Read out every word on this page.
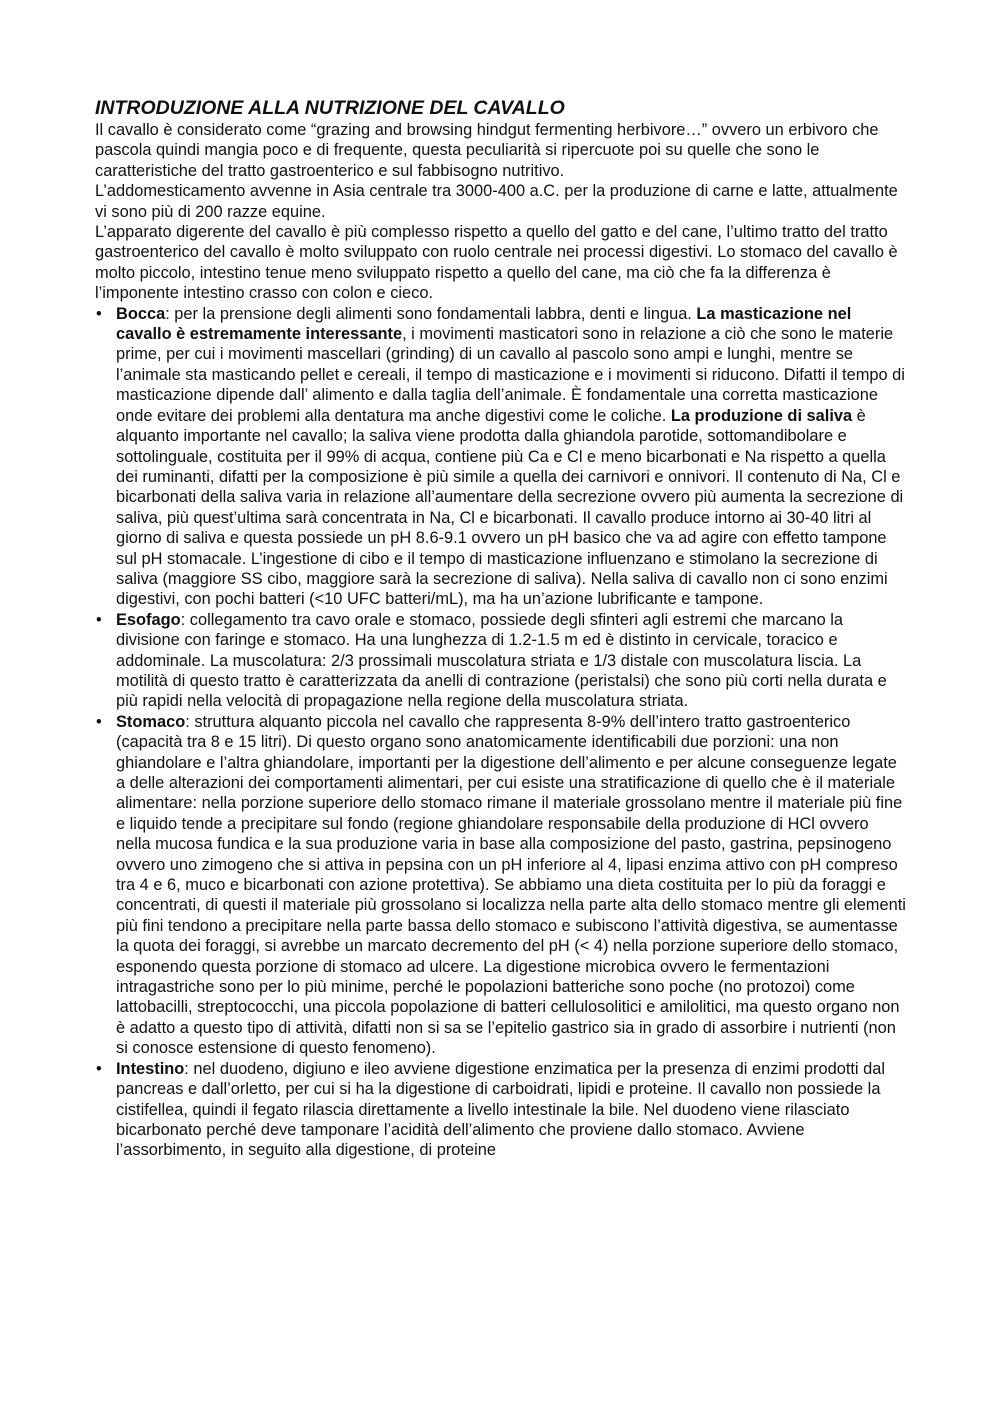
INTRODUZIONE ALLA NUTRIZIONE DEL CAVALLO

Il cavallo è considerato come “grazing and browsing hindgut fermenting herbivore…” ovvero un erbivoro che pascola quindi mangia poco e di frequente, questa peculiarità si ripercuote poi su quelle che sono le caratteristiche del tratto gastroenterico e sul fabbisogno nutritivo.

L’addomesticamento avvenne in Asia centrale tra 3000-400 a.C. per la produzione di carne e latte, attualmente vi sono più di 200 razze equine.

L’apparato digerente del cavallo è più complesso rispetto a quello del gatto e del cane, l’ultimo tratto del tratto gastroenterico del cavallo è molto sviluppato con ruolo centrale nei processi digestivi. Lo stomaco del cavallo è molto piccolo, intestino tenue meno sviluppato rispetto a quello del cane, ma ciò che fa la differenza è l’imponente intestino crasso con colon e cieco.

• Bocca: per la prensione degli alimenti sono fondamentali labbra, denti e lingua. La masticazione nel cavallo è estremamente interessante, i movimenti masticatori sono in relazione a ciò che sono le materie prime, per cui i movimenti mascellari (grinding) di un cavallo al pascolo sono ampi e lunghi, mentre se l’animale sta masticando pellet e cereali, il tempo di masticazione e i movimenti si riducono. Difatti il tempo di masticazione dipende dall’ alimento e dalla taglia dell’animale. È fondamentale una corretta masticazione onde evitare dei problemi alla dentatura ma anche digestivi come le coliche. La produzione di saliva è alquanto importante nel cavallo; la saliva viene prodotta dalla ghiandola parotide, sottomandibolare e sottolinguale, costituita per il 99% di acqua, contiene più Ca e Cl e meno bicarbonati e Na rispetto a quella dei ruminanti, difatti per la composizione è più simile a quella dei carnivori e onnivori. Il contenuto di Na, Cl e bicarbonati della saliva varia in relazione all’aumentare della secrezione ovvero più aumenta la secrezione di saliva, più quest’ultima sarà concentrata in Na, Cl e bicarbonati. Il cavallo produce intorno ai 30-40 litri al giorno di saliva e questa possiede un pH 8.6-9.1 ovvero un pH basico che va ad agire con effetto tampone sul pH stomacale. L’ingestione di cibo e il tempo di masticazione influenzano e stimolano la secrezione di saliva (maggiore SS cibo, maggiore sarà la secrezione di saliva). Nella saliva di cavallo non ci sono enzimi digestivi, con pochi batteri (<10 UFC batteri/mL), ma ha un’azione lubrificante e tampone.
• Esofago: collegamento tra cavo orale e stomaco, possiede degli sfinteri agli estremi che marcano la divisione con faringe e stomaco. Ha una lunghezza di 1.2-1.5 m ed è distinto in cervicale, toracico e addominale. La muscolatura: 2/3 prossimali muscolatura striata e 1/3 distale con muscolatura liscia. La motilità di questo tratto è caratterizzata da anelli di contrazione (peristalsi) che sono più corti nella durata e più rapidi nella velocità di propagazione nella regione della muscolatura striata.
• Stomaco: struttura alquanto piccola nel cavallo che rappresenta 8-9% dell’intero tratto gastroenterico (capacità tra 8 e 15 litri). Di questo organo sono anatomicamente identificabili due porzioni: una non ghiandolare e l’altra ghiandolare, importanti per la digestione dell’alimento e per alcune conseguenze legate a delle alterazioni dei comportamenti alimentari, per cui esiste una stratificazione di quello che è il materiale alimentare: nella porzione superiore dello stomaco rimane il materiale grossolano mentre il materiale più fine e liquido tende a precipitare sul fondo (regione ghiandolare responsabile della produzione di HCl ovvero nella mucosa fundica e la sua produzione varia in base alla composizione del pasto, gastrina, pepsinogeno ovvero uno zimogeno che si attiva in pepsina con un pH inferiore al 4, lipasi enzima attivo con pH compreso tra 4 e 6, muco e bicarbonati con azione protettiva). Se abbiamo una dieta costituita per lo più da foraggi e concentrati, di questi il materiale più grossolano si localizza nella parte alta dello stomaco mentre gli elementi più fini tendono a precipitare nella parte bassa dello stomaco e subiscono l’attività digestiva, se aumentasse la quota dei foraggi, si avrebbe un marcato decremento del pH (< 4) nella porzione superiore dello stomaco, esponendo questa porzione di stomaco ad ulcere. La digestione microbica ovvero le fermentazioni intragastriche sono per lo più minime, perché le popolazioni batteriche sono poche (no protozoi) come lattobacilli, streptococchi, una piccola popolazione di batteri cellulosolitici e amilolitici, ma questo organo non è adatto a questo tipo di attività, difatti non si sa se l’epitelio gastrico sia in grado di assorbire i nutrienti (non si conosce estensione di questo fenomeno).
• Intestino: nel duodeno, digiuno e ileo avviene digestione enzimatica per la presenza di enzimi prodotti dal pancreas e dall’orletto, per cui si ha la digestione di carboidrati, lipidi e proteine. Il cavallo non possiede la cistifellea, quindi il fegato rilascia direttamente a livello intestinale la bile. Nel duodeno viene rilasciato bicarbonato perché deve tamponare l’acidità dell’alimento che proviene dallo stomaco. Avviene l’assorbimento, in seguito alla digestione, di proteine
